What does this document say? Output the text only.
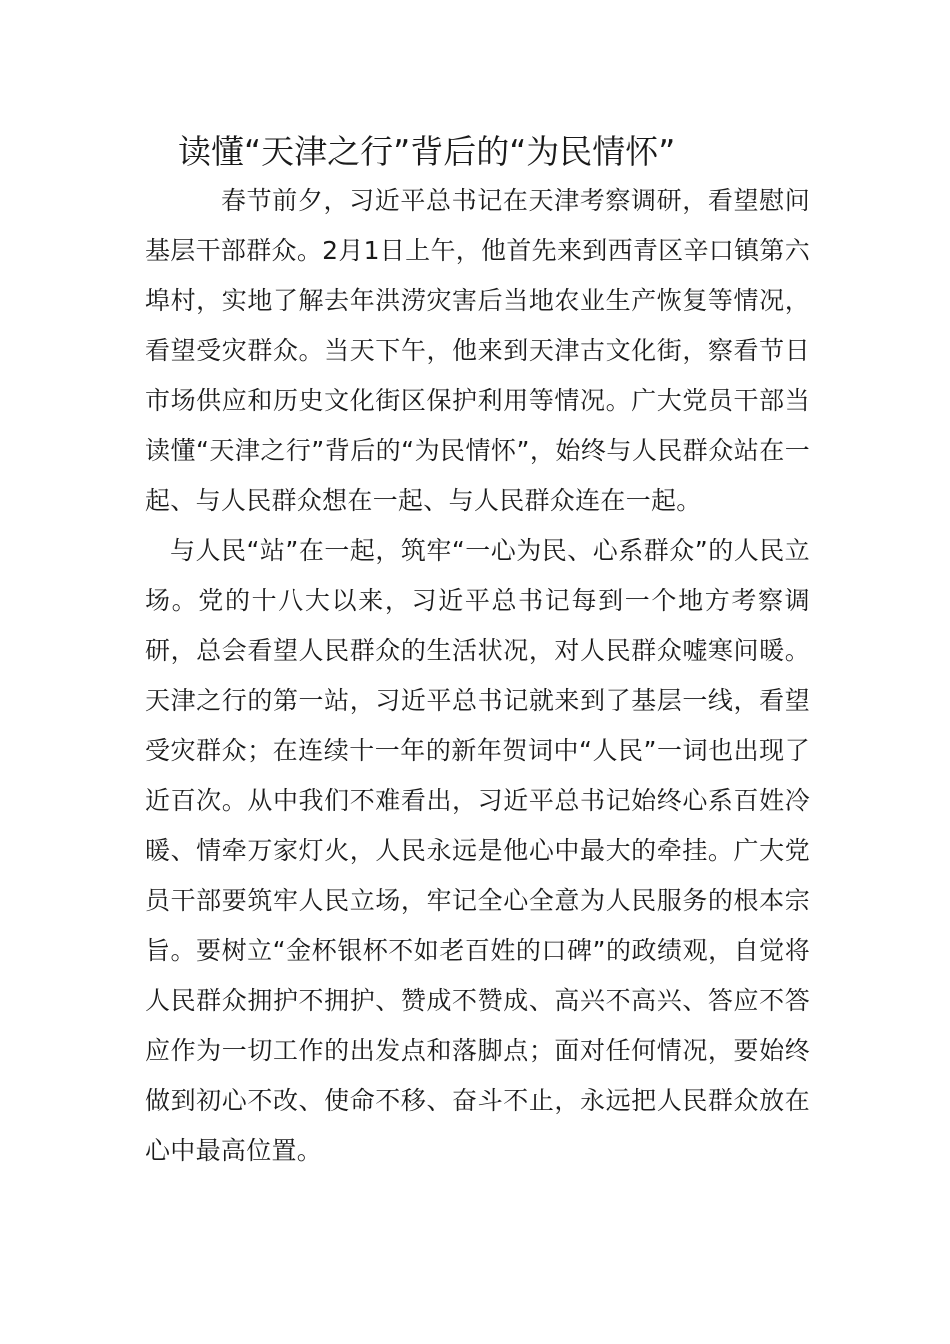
读懂“天津之行”背后的“为民情怀”

春节前夕，习近平总书记在天津考察调研，看望慰问基层干部群众。2月1日上午，他首先来到西青区辛口镇第六埠村，实地了解去年洪涝灾害后当地农业生产恢复等情况，看望受灾群众。当天下午，他来到天津古文化街，察看节日市场供应和历史文化街区保护利用等情况。广大党员干部当读懂“天津之行”背后的“为民情怀”，始终与人民群众站在一起、与人民群众想在一起、与人民群众连在一起。

与人民“站”在一起，筑牢“一心为民、心系群众”的人民立场。党的十八大以来，习近平总书记每到一个地方考察调研，总会看望人民群众的生活状况，对人民群众嘘寒问暖。天津之行的第一站，习近平总书记就来到了基层一线，看望受灾群众；在连续十一年的新年贺词中“人民”一词也出现了近百次。从中我们不难看出，习近平总书记始终心系百姓冷暖、情牵万家灯火，人民永远是他心中最大的牵挂。广大党员干部要筑牢人民立场，牢记全心全意为人民服务的根本宗旨。要树立“金杯银杯不如老百姓的口碑”的政绩观，自觉将人民群众拥护不拥护、赞成不赞成、高兴不高兴、答应不答应作为一切工作的出发点和落脚点；面对任何情况，要始终做到初心不改、使命不移、奋斗不止，永远把人民群众放在心中最高位置。
